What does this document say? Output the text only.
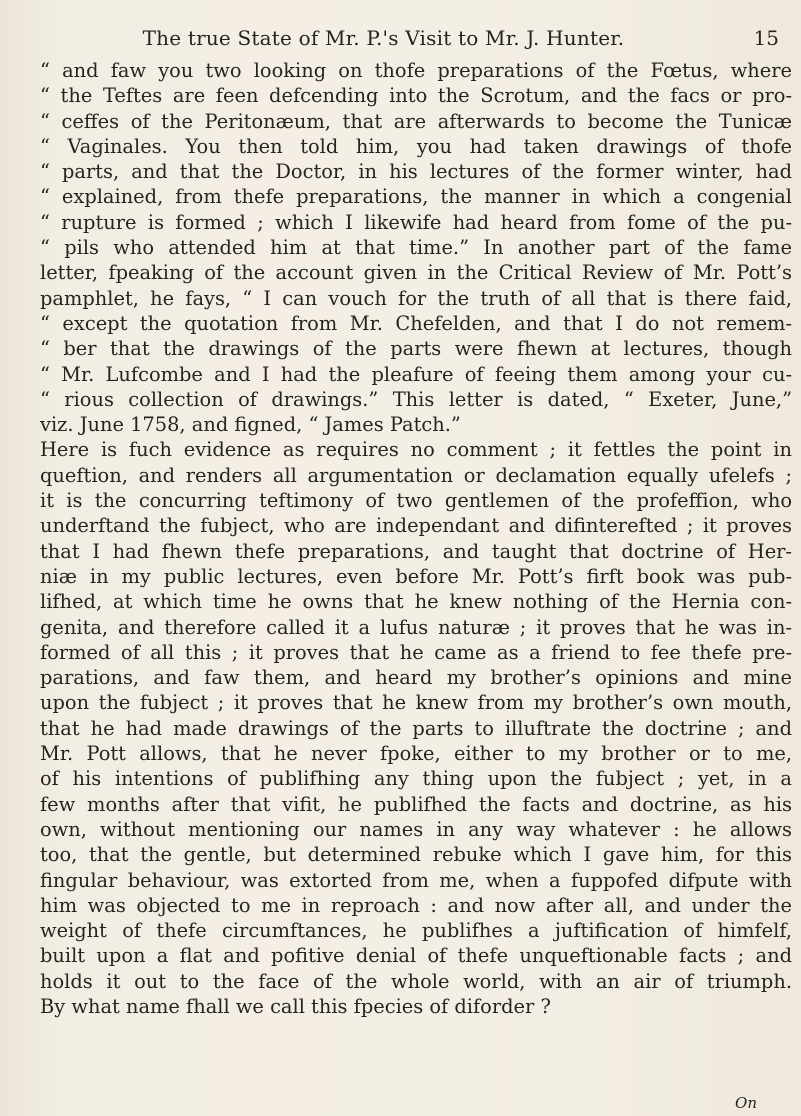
The true State of Mr. P.'s Visit to Mr. J. Hunter.	15
“ and faw you two looking on thofe preparations of the Fœtus, where
“ the Teftes are feen defcending into the Scrotum, and the facs or pro-
“ ceffes of the Peritonæum, that are afterwards to become the Tunicæ
“ Vaginales. You then told him, you had taken drawings of thofe
“ parts, and that the Doctor, in his lectures of the former winter, had
“ explained, from thefe preparations, the manner in which a congenial
“ rupture is formed ; which I likewife had heard from fome of the pu-
“ pils who attended him at that time.” In another part of the fame
letter, fpeaking of the account given in the Critical Review of Mr. Pott’s
pamphlet, he fays, “ I can vouch for the truth of all that is there faid,
“ except the quotation from Mr. Chefelden, and that I do not remem-
“ ber that the drawings of the parts were fhewn at lectures, though
“ Mr. Lufcombe and I had the pleafure of feeing them among your cu-
“ rious collection of drawings.” This letter is dated, “ Exeter, June,”
viz. June 1758, and figned, “ James Patch.”
Here is fuch evidence as requires no comment ; it fettles the point in
queftion, and renders all argumentation or declamation equally ufelefs ;
it is the concurring teftimony of two gentlemen of the profeffion, who
underftand the fubject, who are independant and difinterefted ; it proves
that I had fhewn thefe preparations, and taught that doctrine of Her-
niæ in my public lectures, even before Mr. Pott’s firft book was pub-
lifhed, at which time he owns that he knew nothing of the Hernia con-
genita, and therefore called it a lufus naturæ ; it proves that he was in-
formed of all this ; it proves that he came as a friend to fee thefe pre-
parations, and faw them, and heard my brother’s opinions and mine
upon the fubject ; it proves that he knew from my brother’s own mouth,
that he had made drawings of the parts to illuftrate the doctrine ; and
Mr. Pott allows, that he never fpoke, either to my brother or to me,
of his intentions of publifhing any thing upon the fubject ; yet, in a
few months after that vifit, he publifhed the facts and doctrine, as his
own, without mentioning our names in any way whatever : he allows
too, that the gentle, but determined rebuke which I gave him, for this
fingular behaviour, was extorted from me, when a fuppofed difpute with
him was objected to me in reproach : and now after all, and under the
weight of thefe circumftances, he publifhes a juftification of himfelf,
built upon a flat and pofitive denial of thefe unqueftionable facts ; and
holds it out to the face of the whole world, with an air of triumph.
By what name fhall we call this fpecies of diforder ?
On
